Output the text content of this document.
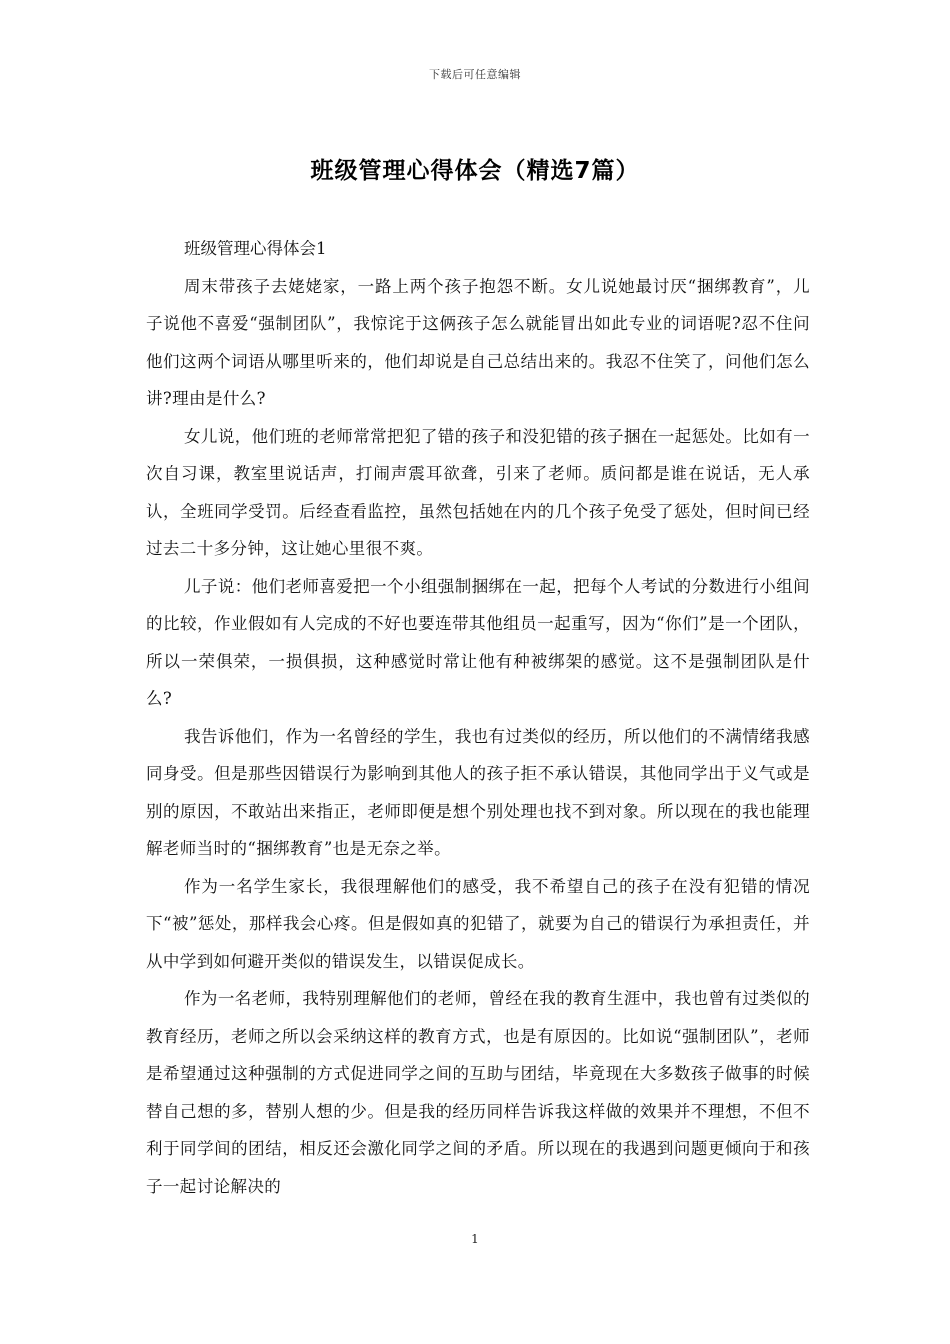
下载后可任意编辑
班级管理心得体会（精选7篇）

班级管理心得体会1

周末带孩子去姥姥家，一路上两个孩子抱怨不断。女儿说她最讨厌“捆绑教育”，儿子说他不喜爱“强制团队”，我惊诧于这俩孩子怎么就能冒出如此专业的词语呢?忍不住问他们这两个词语从哪里听来的，他们却说是自己总结出来的。我忍不住笑了，问他们怎么讲?理由是什么?

女儿说，他们班的老师常常把犯了错的孩子和没犯错的孩子捆在一起惩处。比如有一次自习课，教室里说话声，打闹声震耳欲聋，引来了老师。质问都是谁在说话，无人承认，全班同学受罚。后经查看监控，虽然包括她在内的几个孩子免受了惩处，但时间已经过去二十多分钟，这让她心里很不爽。

儿子说：他们老师喜爱把一个小组强制捆绑在一起，把每个人考试的分数进行小组间的比较，作业假如有人完成的不好也要连带其他组员一起重写，因为“你们”是一个团队，所以一荣俱荣，一损俱损，这种感觉时常让他有种被绑架的感觉。这不是强制团队是什么?

我告诉他们，作为一名曾经的学生，我也有过类似的经历，所以他们的不满情绪我感同身受。但是那些因错误行为影响到其他人的孩子拒不承认错误，其他同学出于义气或是别的原因，不敢站出来指正，老师即便是想个别处理也找不到对象。所以现在的我也能理解老师当时的“捆绑教育”也是无奈之举。

作为一名学生家长，我很理解他们的感受，我不希望自己的孩子在没有犯错的情况下“被”惩处，那样我会心疼。但是假如真的犯错了，就要为自己的错误行为承担责任，并从中学到如何避开类似的错误发生，以错误促成长。

作为一名老师，我特别理解他们的老师，曾经在我的教育生涯中，我也曾有过类似的教育经历，老师之所以会采纳这样的教育方式，也是有原因的。比如说“强制团队”，老师是希望通过这种强制的方式促进同学之间的互助与团结，毕竟现在大多数孩子做事的时候替自己想的多，替别人想的少。但是我的经历同样告诉我这样做的效果并不理想，不但不利于同学间的团结，相反还会激化同学之间的矛盾。所以现在的我遇到问题更倾向于和孩子一起讨论解决的

1
